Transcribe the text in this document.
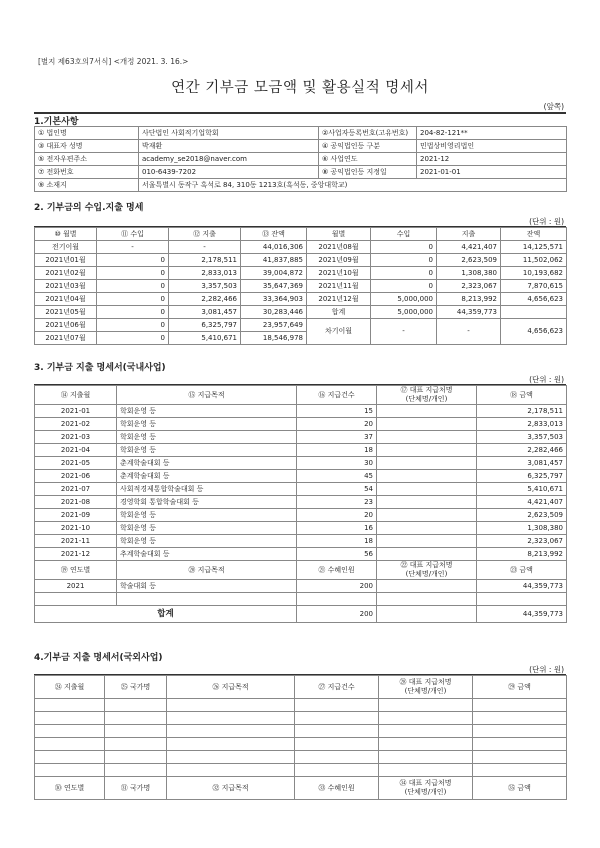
[별지 제63호의7서식] <개정 2021. 3. 16.>
연간 기부금 모금액 및 활용실적 명세서
(앞쪽)
1.기본사항
① 법인명	사단법인 사회적기업학회	②사업자등록번호(고유번호)	204-82-121**
③ 대표자 성명	박재환	④ 공익법인등 구분	민법상비영리법인
⑤ 전자우편주소	academy_se2018@naver.com	⑥ 사업연도	2021-12
⑦ 전화번호	010-6439-7202	⑧ 공익법인등 지정일	2021-01-01
⑨ 소재지	서울특별시 동작구 흑석로 84, 310동 1213호(흑석동, 중앙대학교)		
2. 기부금의 수입.지출 명세
(단위 : 원)
⑩ 월별	⑪ 수입	⑫ 지출	⑬ 잔액	월별	수입	지출	잔액
전기이월	-	-	44,016,306	2021년08월	0	4,421,407	14,125,571
2021년01월	0	2,178,511	41,837,885	2021년09월	0	2,623,509	11,502,062
2021년02월	0	2,833,013	39,004,872	2021년10월	0	1,308,380	10,193,682
2021년03월	0	3,357,503	35,647,369	2021년11월	0	2,323,067	7,870,615
2021년04월	0	2,282,466	33,364,903	2021년12월	5,000,000	8,213,992	4,656,623
2021년05월	0	3,081,457	30,283,446	합계	5,000,000	44,359,773	
2021년06월	0	6,325,797	23,957,649	차기이월	-	-	4,656,623
2021년07월	0	5,410,671	18,546,978				
3. 기부금 지출 명세서(국내사업)
(단위 : 원)
⑭ 지출월	⑮ 지급목적	⑯ 지급건수	⑰ 대표 지급처명
(단체명/개인)	⑱ 금액
2021-01	학회운영 등	15		2,178,511
2021-02	학회운영 등	20		2,833,013
2021-03	학회운영 등	37		3,357,503
2021-04	학회운영 등	18		2,282,466
2021-05	춘계학술대회 등	30		3,081,457
2021-06	춘계학술대회 등	45		6,325,797
2021-07	사회적경제통합학술대회 등	54		5,410,671
2021-08	경영학회 통합학술대회 등	23		4,421,407
2021-09	학회운영 등	20		2,623,509
2021-10	학회운영 등	16		1,308,380
2021-11	학회운영 등	18		2,323,067
2021-12	추계학술대회 등	56		8,213,992
⑲ 연도별	⑳ 지급목적	㉑ 수혜인원	㉒ 대표 지급처명
(단체명/개인)	㉓ 금액
2021	학술대회 등	200		44,359,773

합계		200		44,359,773
4.기부금 지출 명세서(국외사업)
(단위 : 원)
㉔ 지출월	㉕ 국가명	㉖ 지급목적	㉗ 지급건수	㉘ 대표 지급처명
(단체명/개인)	㉙ 금액

㉚ 연도별	㉛ 국가명	㉜ 지급목적	㉝ 수혜인원	㉞ 대표 지급처명
(단체명/개인)	㉟ 금액
